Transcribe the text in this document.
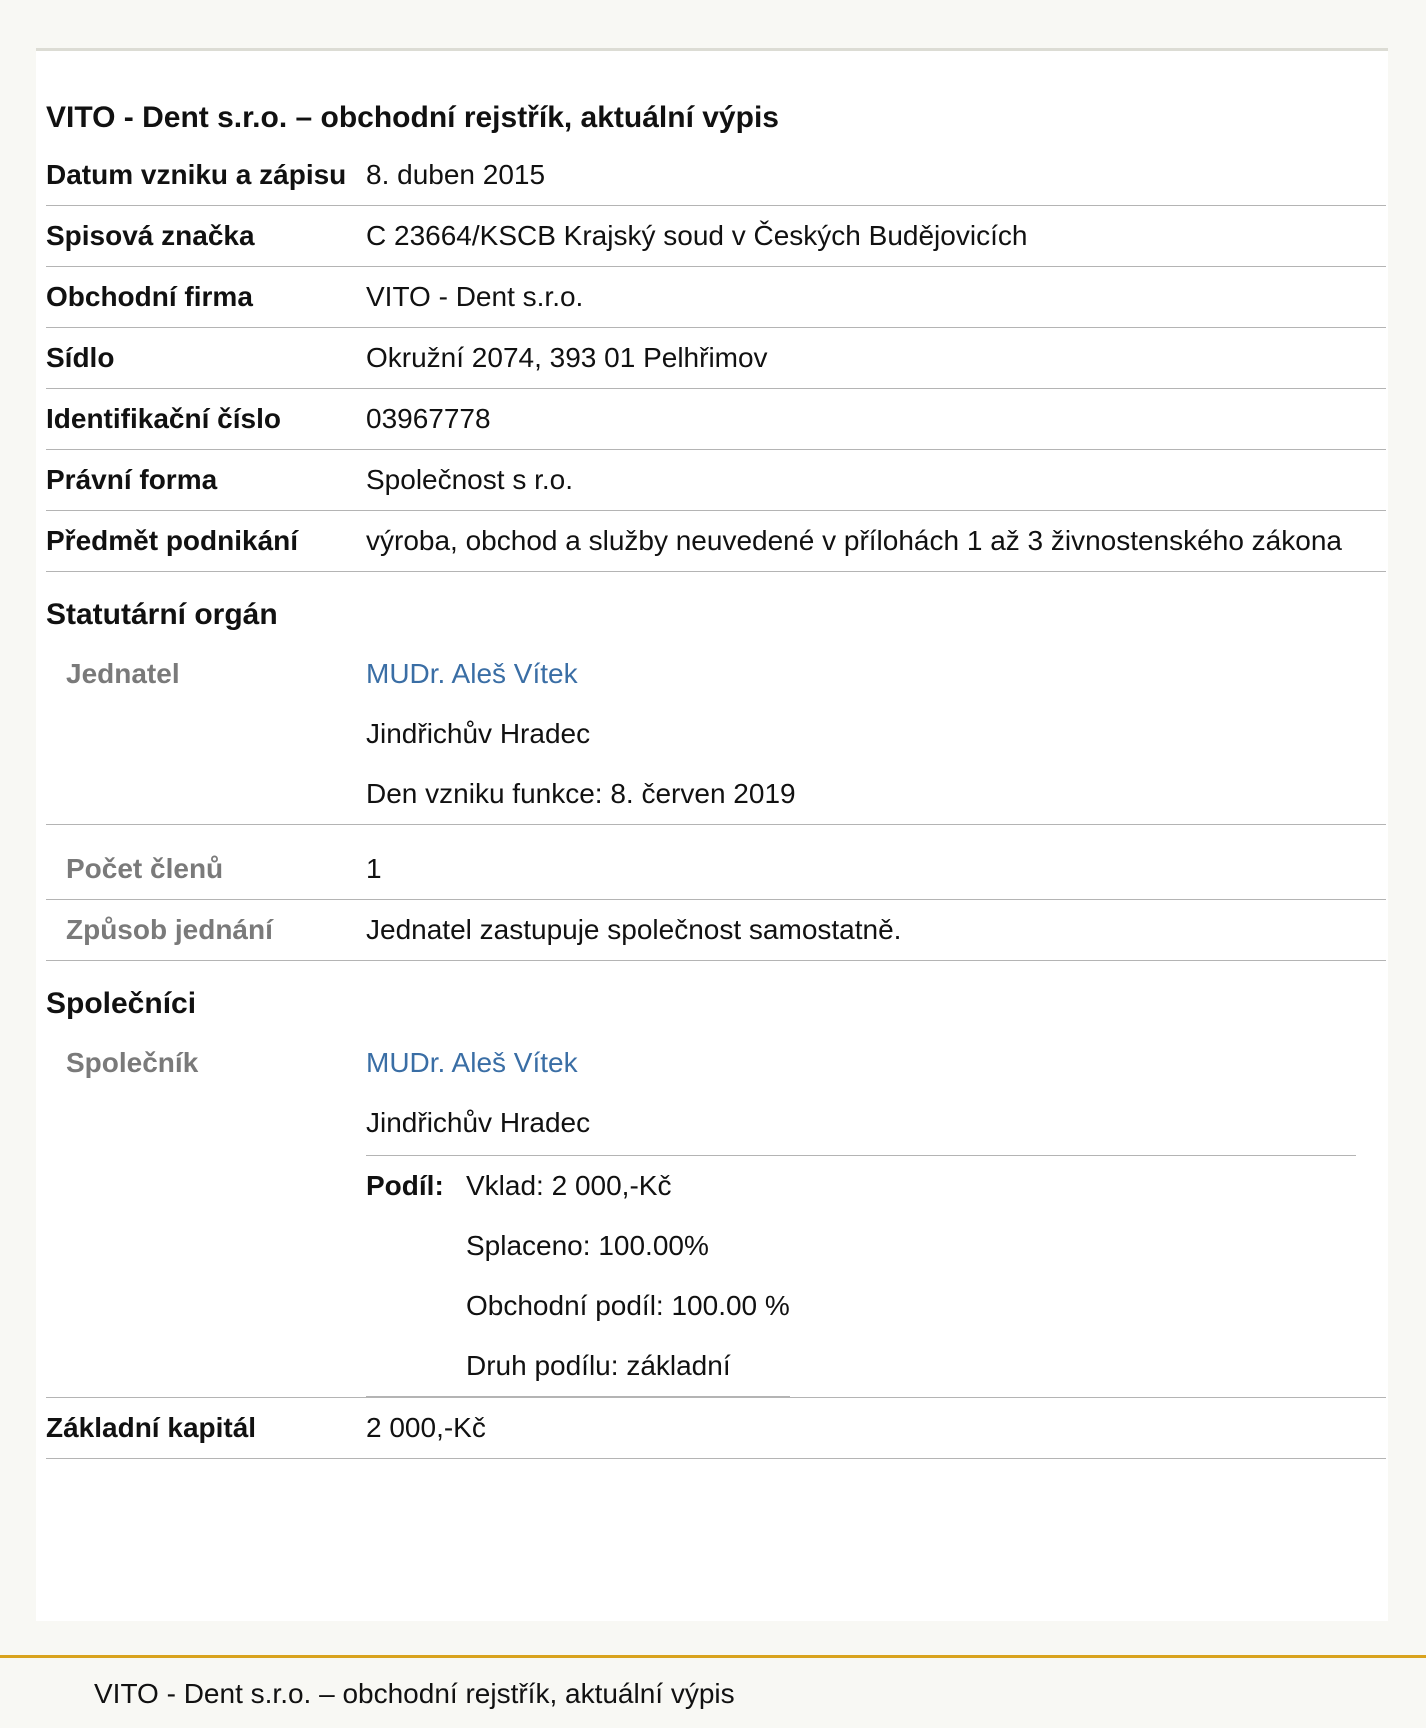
VITO - Dent s.r.o. – obchodní rejstřík, aktuální výpis
Datum vzniku a zápisu	8. duben 2015
Spisová značka	C 23664/KSCB Krajský soud v Českých Budějovicích
Obchodní firma	VITO - Dent s.r.o.
Sídlo	Okružní 2074, 393 01 Pelhřimov
Identifikační číslo	03967778
Právní forma	Společnost s r.o.
Předmět podnikání	výroba, obchod a služby neuvedené v přílohách 1 až 3 živnostenského zákona
Statutární orgán
Jednatel	MUDr. Aleš Vítek
Jindřichův Hradec
Den vzniku funkce: 8. červen 2019

Počet členů	1
Způsob jednání	Jednatel zastupuje společnost samostatně.
Společníci
Společník	MUDr. Aleš Vítek
Jindřichův Hradec
Podíl:	Vklad: 2 000,-Kč
Splaceno: 100.00%
Obchodní podíl: 100.00 %
Druh podílu: základní

Základní kapitál	2 000,-Kč
VITO - Dent s.r.o. – obchodní rejstřík, aktuální výpis
